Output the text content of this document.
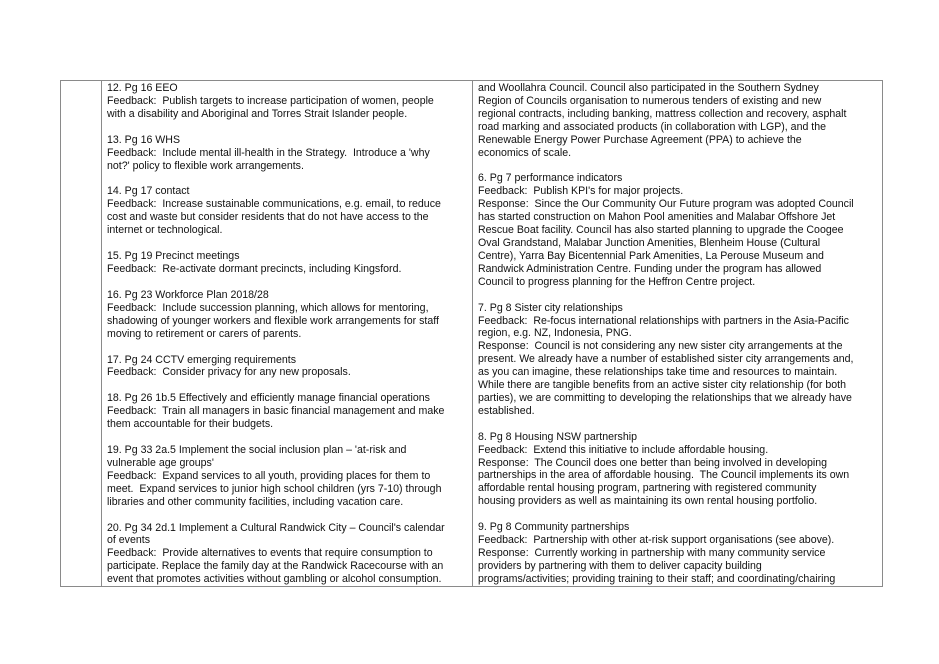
12. Pg 16 EEO
Feedback:  Publish targets to increase participation of women, people
with a disability and Aboriginal and Torres Strait Islander people.
13. Pg 16 WHS
Feedback:  Include mental ill-health in the Strategy.  Introduce a 'why
not?' policy to flexible work arrangements.
14. Pg 17 contact
Feedback:  Increase sustainable communications, e.g. email, to reduce
cost and waste but consider residents that do not have access to the
internet or technological.
15. Pg 19 Precinct meetings
Feedback:  Re-activate dormant precincts, including Kingsford.
16. Pg 23 Workforce Plan 2018/28
Feedback:  Include succession planning, which allows for mentoring,
shadowing of younger workers and flexible work arrangements for staff
moving to retirement or carers of parents.
17. Pg 24 CCTV emerging requirements
Feedback:  Consider privacy for any new proposals.
18. Pg 26 1b.5 Effectively and efficiently manage financial operations
Feedback:  Train all managers in basic financial management and make
them accountable for their budgets.
19. Pg 33 2a.5 Implement the social inclusion plan – 'at-risk and
vulnerable age groups'
Feedback:  Expand services to all youth, providing places for them to
meet.  Expand services to junior high school children (yrs 7-10) through
libraries and other community facilities, including vacation care.
20. Pg 34 2d.1 Implement a Cultural Randwick City – Council's calendar
of events
Feedback:  Provide alternatives to events that require consumption to
participate. Replace the family day at the Randwick Racecourse with an
event that promotes activities without gambling or alcohol consumption.

and Woollahra Council. Council also participated in the Southern Sydney
Region of Councils organisation to numerous tenders of existing and new
regional contracts, including banking, mattress collection and recovery, asphalt
road marking and associated products (in collaboration with LGP), and the
Renewable Energy Power Purchase Agreement (PPA) to achieve the
economics of scale.
6. Pg 7 performance indicators
Feedback:  Publish KPI's for major projects.
Response:  Since the Our Community Our Future program was adopted Council
has started construction on Mahon Pool amenities and Malabar Offshore Jet
Rescue Boat facility. Council has also started planning to upgrade the Coogee
Oval Grandstand, Malabar Junction Amenities, Blenheim House (Cultural
Centre), Yarra Bay Bicentennial Park Amenities, La Perouse Museum and
Randwick Administration Centre. Funding under the program has allowed
Council to progress planning for the Heffron Centre project.
7. Pg 8 Sister city relationships
Feedback:  Re-focus international relationships with partners in the Asia-Pacific
region, e.g. NZ, Indonesia, PNG.
Response:  Council is not considering any new sister city arrangements at the
present. We already have a number of established sister city arrangements and,
as you can imagine, these relationships take time and resources to maintain.
While there are tangible benefits from an active sister city relationship (for both
parties), we are committing to developing the relationships that we already have
established.
8. Pg 8 Housing NSW partnership
Feedback:  Extend this initiative to include affordable housing.
Response:  The Council does one better than being involved in developing
partnerships in the area of affordable housing.  The Council implements its own
affordable rental housing program, partnering with registered community
housing providers as well as maintaining its own rental housing portfolio.
9. Pg 8 Community partnerships
Feedback:  Partnership with other at-risk support organisations (see above).
Response:  Currently working in partnership with many community service
providers by partnering with them to deliver capacity building
programs/activities; providing training to their staff; and coordinating/chairing
